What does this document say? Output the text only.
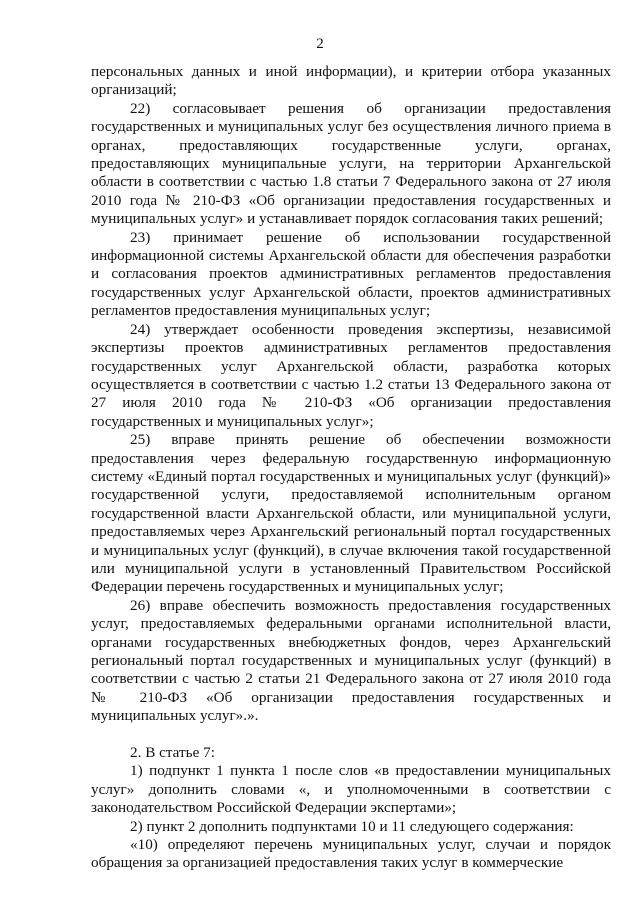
2

персональных данных и иной информации), и критерии отбора указанных организаций;

22) согласовывает решения об организации предоставления государственных и муниципальных услуг без осуществления личного приема в органах, предоставляющих государственные услуги, органах, предоставляющих муниципальные услуги, на территории Архангельской области в соответствии с частью 1.8 статьи 7 Федерального закона от 27 июля 2010 года № 210-ФЗ «Об организации предоставления государственных и муниципальных услуг» и устанавливает порядок согласования таких решений;

23) принимает решение об использовании государственной информационной системы Архангельской области для обеспечения разработки и согласования проектов административных регламентов предоставления государственных услуг Архангельской области, проектов административных регламентов предоставления муниципальных услуг;

24) утверждает особенности проведения экспертизы, независимой экспертизы проектов административных регламентов предоставления государственных услуг Архангельской области, разработка которых осуществляется в соответствии с частью 1.2 статьи 13 Федерального закона от 27 июля 2010 года № 210-ФЗ «Об организации предоставления государственных и муниципальных услуг»;

25) вправе принять решение об обеспечении возможности предоставления через федеральную государственную информационную систему «Единый портал государственных и муниципальных услуг (функций)» государственной услуги, предоставляемой исполнительным органом государственной власти Архангельской области, или муниципальной услуги, предоставляемых через Архангельский региональный портал государственных и муниципальных услуг (функций), в случае включения такой государственной или муниципальной услуги в установленный Правительством Российской Федерации перечень государственных и муниципальных услуг;

26) вправе обеспечить возможность предоставления государственных услуг, предоставляемых федеральными органами исполнительной власти, органами государственных внебюджетных фондов, через Архангельский региональный портал государственных и муниципальных услуг (функций) в соответствии с частью 2 статьи 21 Федерального закона от 27 июля 2010 года № 210-ФЗ «Об организации предоставления государственных и муниципальных услуг».».

2. В статье 7:

1) подпункт 1 пункта 1 после слов «в предоставлении муниципальных услуг» дополнить словами «, и уполномоченными в соответствии с законодательством Российской Федерации экспертами»;

2) пункт 2 дополнить подпунктами 10 и 11 следующего содержания:

«10) определяют перечень муниципальных услуг, случаи и порядок обращения за организацией предоставления таких услуг в коммерческие
